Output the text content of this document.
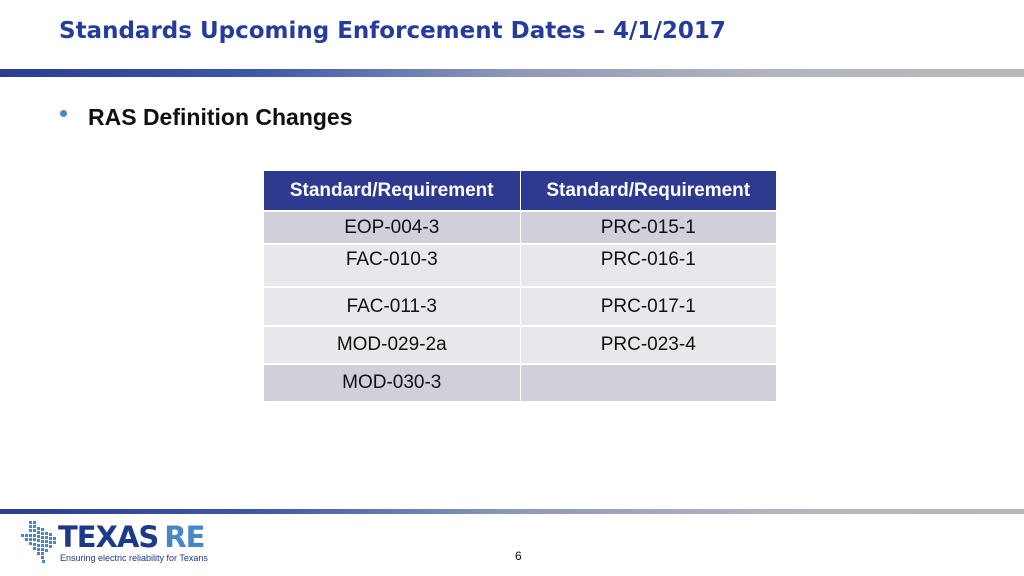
Standards Upcoming Enforcement Dates – 4/1/2017
RAS Definition Changes
Standard/Requirement	Standard/Requirement
EOP-004-3	PRC-015-1
FAC-010-3	PRC-016-1
FAC-011-3	PRC-017-1
MOD-029-2a	PRC-023-4
MOD-030-3	
TEXAS RE
Ensuring electric reliability for Texans	6
